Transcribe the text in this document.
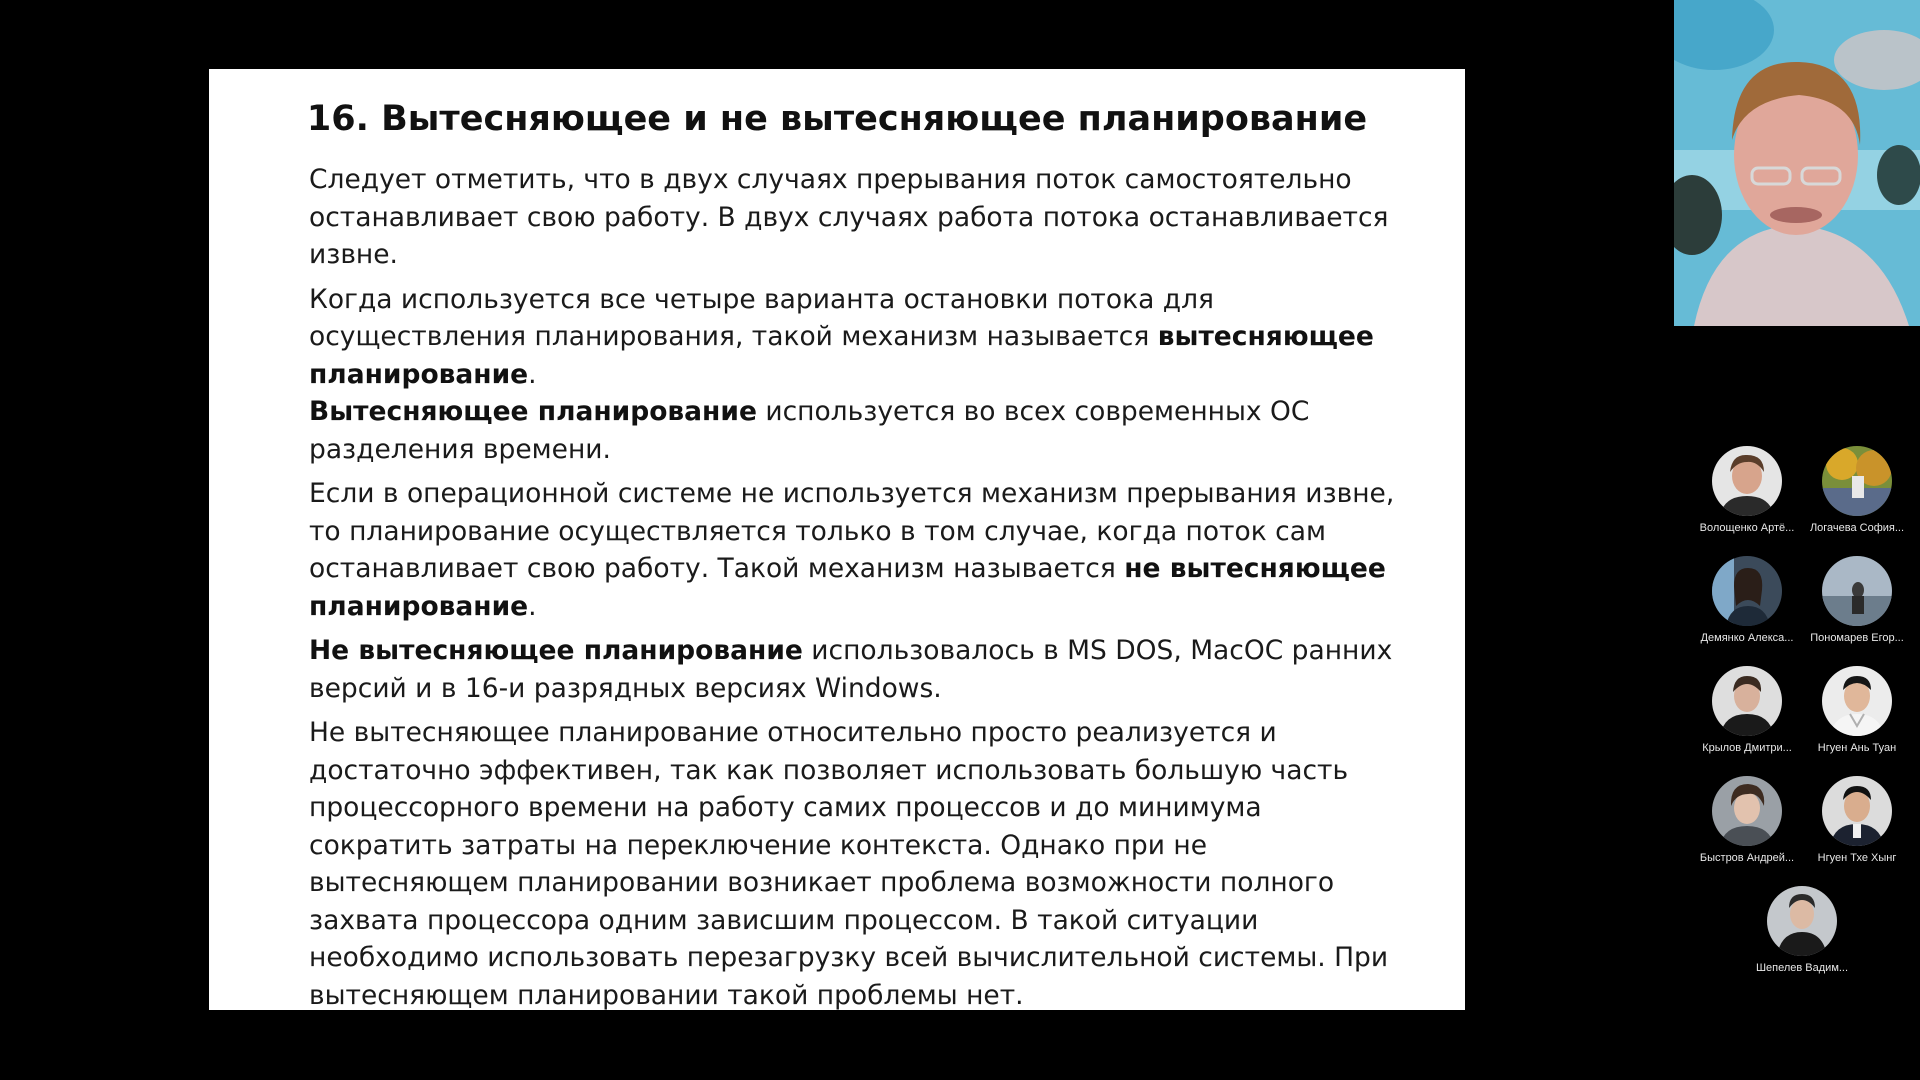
16. Вытесняющее и не вытесняющее планирование

Следует отметить, что в двух случаях прерывания поток самостоятельно останавливает свою работу. В двух случаях работа потока останавливается извне.

Когда используется все четыре варианта остановки потока для осуществления планирования, такой механизм называется вытесняющее планирование.
Вытесняющее планирование используется во всех современных ОС разделения времени.

Если в операционной системе не используется механизм прерывания извне, то планирование осуществляется только в том случае, когда поток сам останавливает свою работу. Такой механизм называется не вытесняющее планирование.

Не вытесняющее планирование использовалось в MS DOS, MacOC ранних версий и в 16-и разрядных версиях Windows.

Не вытесняющее планирование относительно просто реализуется и достаточно эффективен, так как позволяет использовать большую часть процессорного времени на работу самих процессов и до минимума сократить затраты на переключение контекста. Однако при не вытесняющем планировании возникает проблема возможности полного захвата процессора одним зависшим процессом. В такой ситуации необходимо использовать перезагрузку всей вычислительной системы. При вытесняющем планировании такой проблемы нет.

Волощенко Артё...	Логачева София...
Демянко Алекса...	Пономарев Егор...
Крылов Дмитри...	Нгуен Ань Туан
Быстров Андрей...	Нгуен Тхе Хынг
Шепелев Вадим...
